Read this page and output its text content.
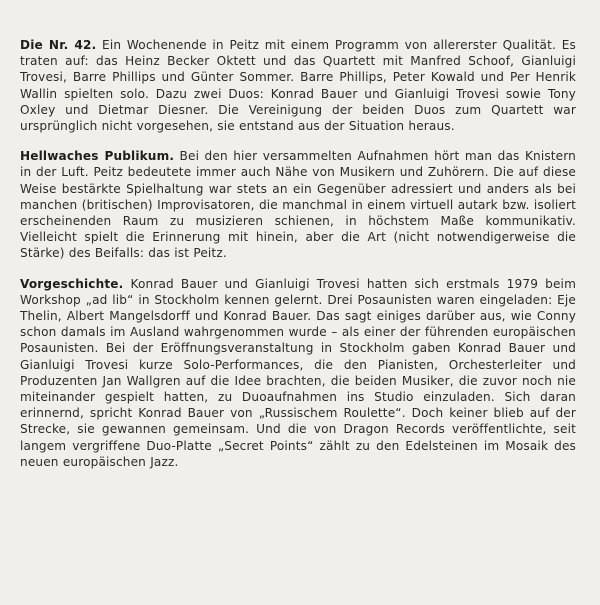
Die Nr. 42. Ein Wochenende in Peitz mit einem Programm von allererster Qualität. Es traten auf: das Heinz Becker Oktett und das Quartett mit Manfred Schoof, Gianluigi Trovesi, Barre Phillips und Günter Sommer. Barre Phillips, Peter Kowald und Per Henrik Wallin spielten solo. Dazu zwei Duos: Konrad Bauer und Gianluigi Trovesi sowie Tony Oxley und Dietmar Diesner. Die Vereinigung der beiden Duos zum Quartett war ursprünglich nicht vorgesehen, sie entstand aus der Situation heraus.

Hellwaches Publikum. Bei den hier versammelten Aufnahmen hört man das Knistern in der Luft. Peitz bedeutete immer auch Nähe von Musikern und Zuhörern. Die auf diese Weise bestärkte Spielhaltung war stets an ein Gegenüber adressiert und anders als bei manchen (britischen) Improvisatoren, die manchmal in einem virtuell autark bzw. isoliert erscheinenden Raum zu musizieren schienen, in höchstem Maße kommunikativ. Vielleicht spielt die Erinnerung mit hinein, aber die Art (nicht notwendigerweise die Stärke) des Beifalls: das ist Peitz.

Vorgeschichte. Konrad Bauer und Gianluigi Trovesi hatten sich erstmals 1979 beim Workshop „ad lib“ in Stockholm kennen gelernt. Drei Posaunisten waren eingeladen: Eje Thelin, Albert Mangelsdorff und Konrad Bauer. Das sagt einiges darüber aus, wie Conny schon damals im Ausland wahrgenommen wurde – als einer der führenden europäischen Posaunisten. Bei der Eröffnungsveranstaltung in Stockholm gaben Konrad Bauer und Gianluigi Trovesi kurze Solo-Performances, die den Pianisten, Orchesterleiter und Produzenten Jan Wallgren auf die Idee brachten, die beiden Musiker, die zuvor noch nie miteinander gespielt hatten, zu Duoaufnahmen ins Studio einzuladen. Sich daran erinnernd, spricht Konrad Bauer von „Russischem Roulette“. Doch keiner blieb auf der Strecke, sie gewannen gemeinsam. Und die von Dragon Records veröffentlichte, seit langem vergriffene Duo-Platte „Secret Points“ zählt zu den Edelsteinen im Mosaik des neuen europäischen Jazz.
